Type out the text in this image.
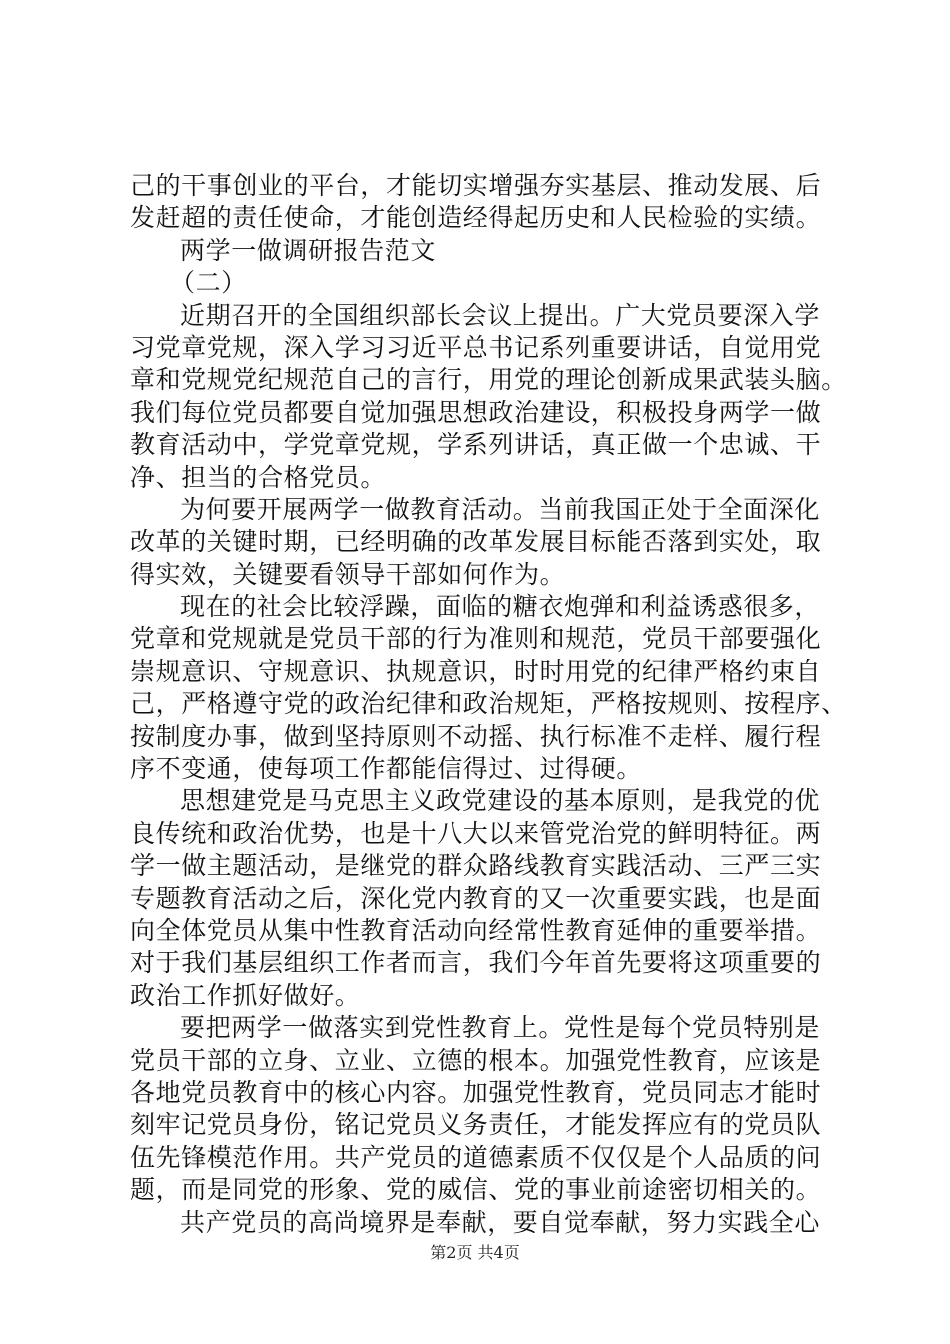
己的干事创业的平台，才能切实增强夯实基层、推动发展、后
发赶超的责任使命，才能创造经得起历史和人民检验的实绩。
两学一做调研报告范文
（二）
近期召开的全国组织部长会议上提出。广大党员要深入学
习党章党规，深入学习习近平总书记系列重要讲话，自觉用党
章和党规党纪规范自己的言行，用党的理论创新成果武装头脑。
我们每位党员都要自觉加强思想政治建设，积极投身两学一做
教育活动中，学党章党规，学系列讲话，真正做一个忠诚、干
净、担当的合格党员。
为何要开展两学一做教育活动。当前我国正处于全面深化
改革的关键时期，已经明确的改革发展目标能否落到实处，取
得实效，关键要看领导干部如何作为。
现在的社会比较浮躁，面临的糖衣炮弹和利益诱惑很多，
党章和党规就是党员干部的行为准则和规范，党员干部要强化
崇规意识、守规意识、执规意识，时时用党的纪律严格约束自
己，严格遵守党的政治纪律和政治规矩，严格按规则、按程序、
按制度办事，做到坚持原则不动摇、执行标准不走样、履行程
序不变通，使每项工作都能信得过、过得硬。
思想建党是马克思主义政党建设的基本原则，是我党的优
良传统和政治优势，也是十八大以来管党治党的鲜明特征。两
学一做主题活动，是继党的群众路线教育实践活动、三严三实
专题教育活动之后，深化党内教育的又一次重要实践，也是面
向全体党员从集中性教育活动向经常性教育延伸的重要举措。
对于我们基层组织工作者而言，我们今年首先要将这项重要的
政治工作抓好做好。
要把两学一做落实到党性教育上。党性是每个党员特别是
党员干部的立身、立业、立德的根本。加强党性教育，应该是
各地党员教育中的核心内容。加强党性教育，党员同志才能时
刻牢记党员身份，铭记党员义务责任，才能发挥应有的党员队
伍先锋模范作用。共产党员的道德素质不仅仅是个人品质的问
题，而是同党的形象、党的威信、党的事业前途密切相关的。
共产党员的高尚境界是奉献，要自觉奉献，努力实践全心
第2页 共4页
